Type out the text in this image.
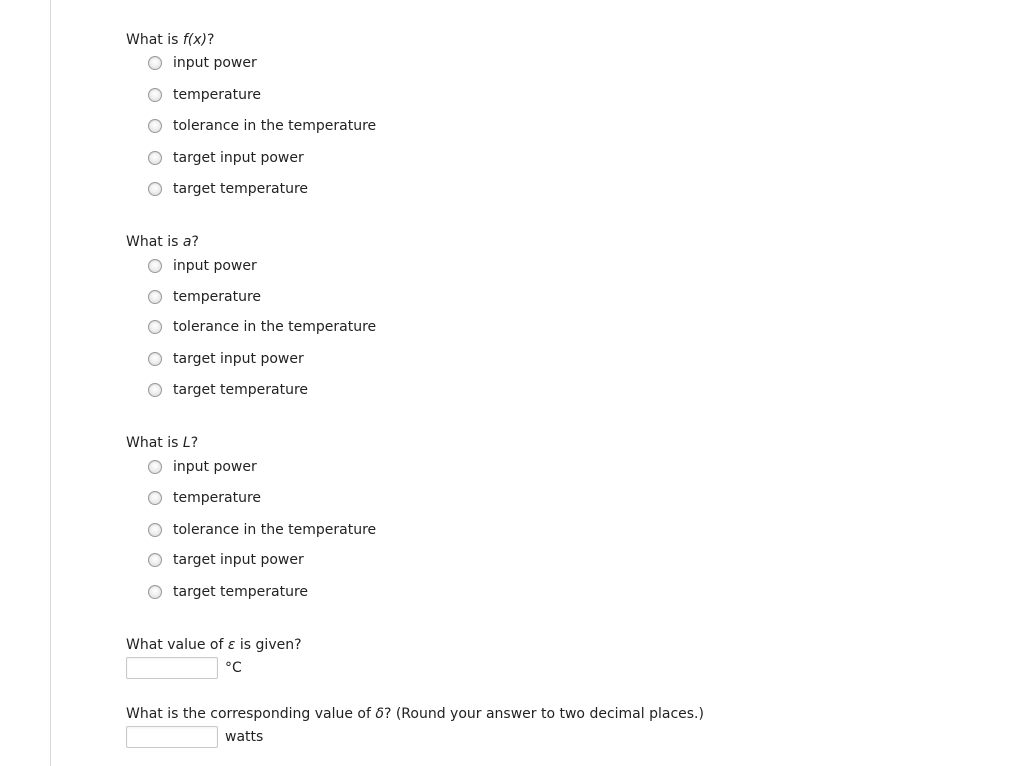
What is f(x)?
input power
temperature
tolerance in the temperature
target input power
target temperature
What is a?
input power
temperature
tolerance in the temperature
target input power
target temperature
What is L?
input power
temperature
tolerance in the temperature
target input power
target temperature
What value of ε is given?
°C
What is the corresponding value of δ? (Round your answer to two decimal places.)
watts
